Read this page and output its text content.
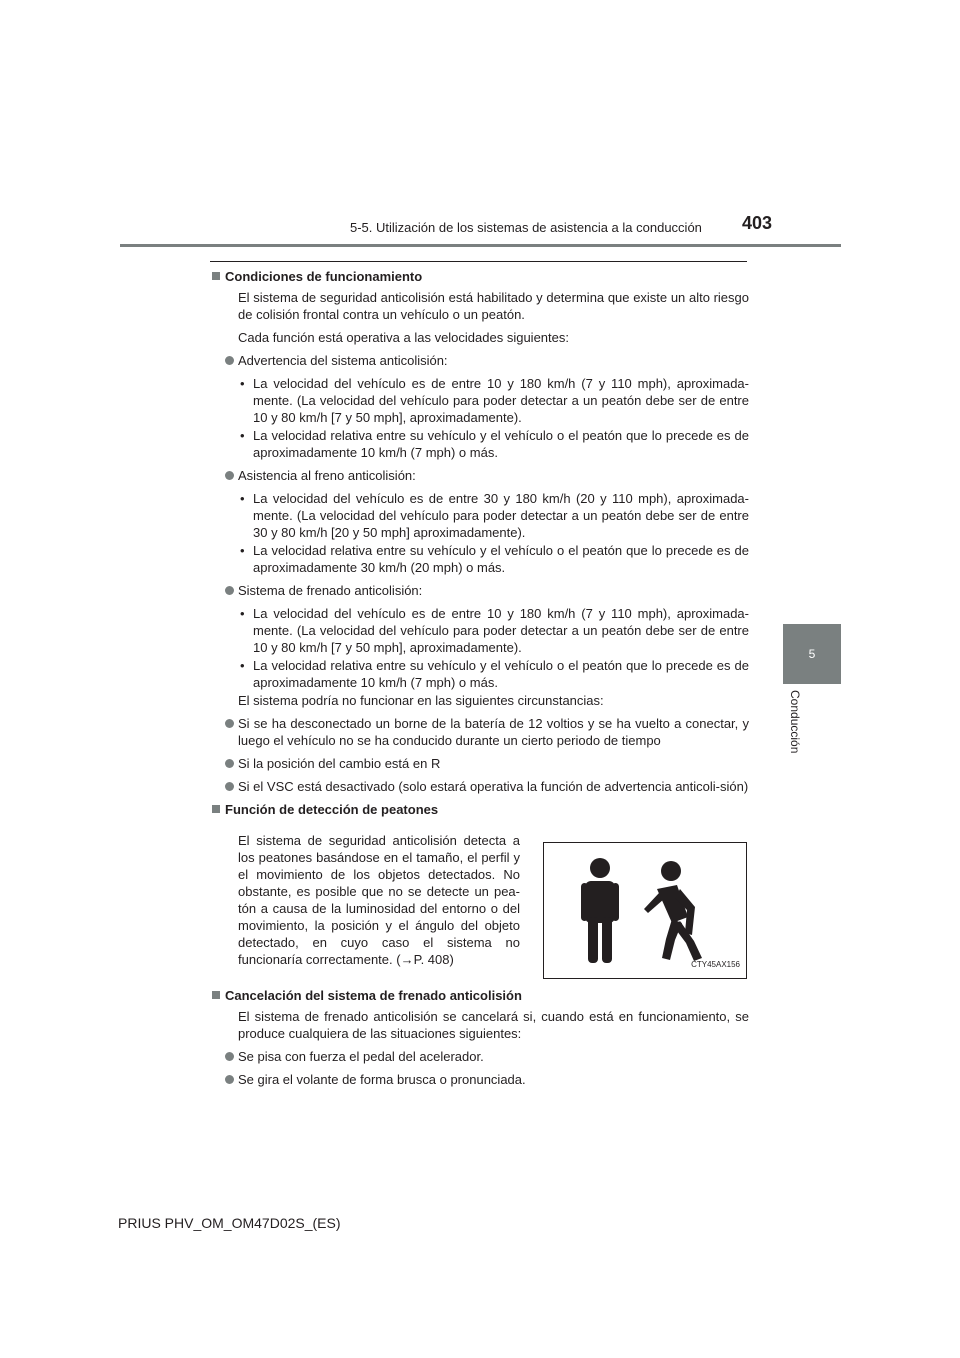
5-5. Utilización de los sistemas de asistencia a la conducción 403
5
Conducción
Condiciones de funcionamiento
El sistema de seguridad anticolisión está habilitado y determina que existe un alto riesgo de colisión frontal contra un vehículo o un peatón.
Cada función está operativa a las velocidades siguientes:
Advertencia del sistema anticolisión:
• La velocidad del vehículo es de entre 10 y 180 km/h (7 y 110 mph), aproximada-mente. (La velocidad del vehículo para poder detectar a un peatón debe ser de entre 10 y 80 km/h [7 y 50 mph], aproximadamente).
• La velocidad relativa entre su vehículo y el vehículo o el peatón que lo precede es de aproximadamente 10 km/h (7 mph) o más.
Asistencia al freno anticolisión:
• La velocidad del vehículo es de entre 30 y 180 km/h (20 y 110 mph), aproximada-mente. (La velocidad del vehículo para poder detectar a un peatón debe ser de entre 30 y 80 km/h [20 y 50 mph] aproximadamente).
• La velocidad relativa entre su vehículo y el vehículo o el peatón que lo precede es de aproximadamente 30 km/h (20 mph) o más.
Sistema de frenado anticolisión:
• La velocidad del vehículo es de entre 10 y 180 km/h (7 y 110 mph), aproximada-mente. (La velocidad del vehículo para poder detectar a un peatón debe ser de entre 10 y 80 km/h [7 y 50 mph], aproximadamente).
• La velocidad relativa entre su vehículo y el vehículo o el peatón que lo precede es de aproximadamente 10 km/h (7 mph) o más.
El sistema podría no funcionar en las siguientes circunstancias:
Si se ha desconectado un borne de la batería de 12 voltios y se ha vuelto a conectar, y luego el vehículo no se ha conducido durante un cierto periodo de tiempo
Si la posición del cambio está en R
Si el VSC está desactivado (solo estará operativa la función de advertencia anticoli-sión)
Función de detección de peatones
El sistema de seguridad anticolisión detecta a los peatones basándose en el tamaño, el perfil y el movimiento de los objetos detectados. No obstante, es posible que no se detecte un pea-tón a causa de la luminosidad del entorno o del movimiento, la posición y el ángulo del objeto detectado, en cuyo caso el sistema no funcionaría correctamente. (→P. 408)	CTY45AX156
Cancelación del sistema de frenado anticolisión
El sistema de frenado anticolisión se cancelará si, cuando está en funcionamiento, se produce cualquiera de las situaciones siguientes:
Se pisa con fuerza el pedal del acelerador.
Se gira el volante de forma brusca o pronunciada.
PRIUS PHV_OM_OM47D02S_(ES)
